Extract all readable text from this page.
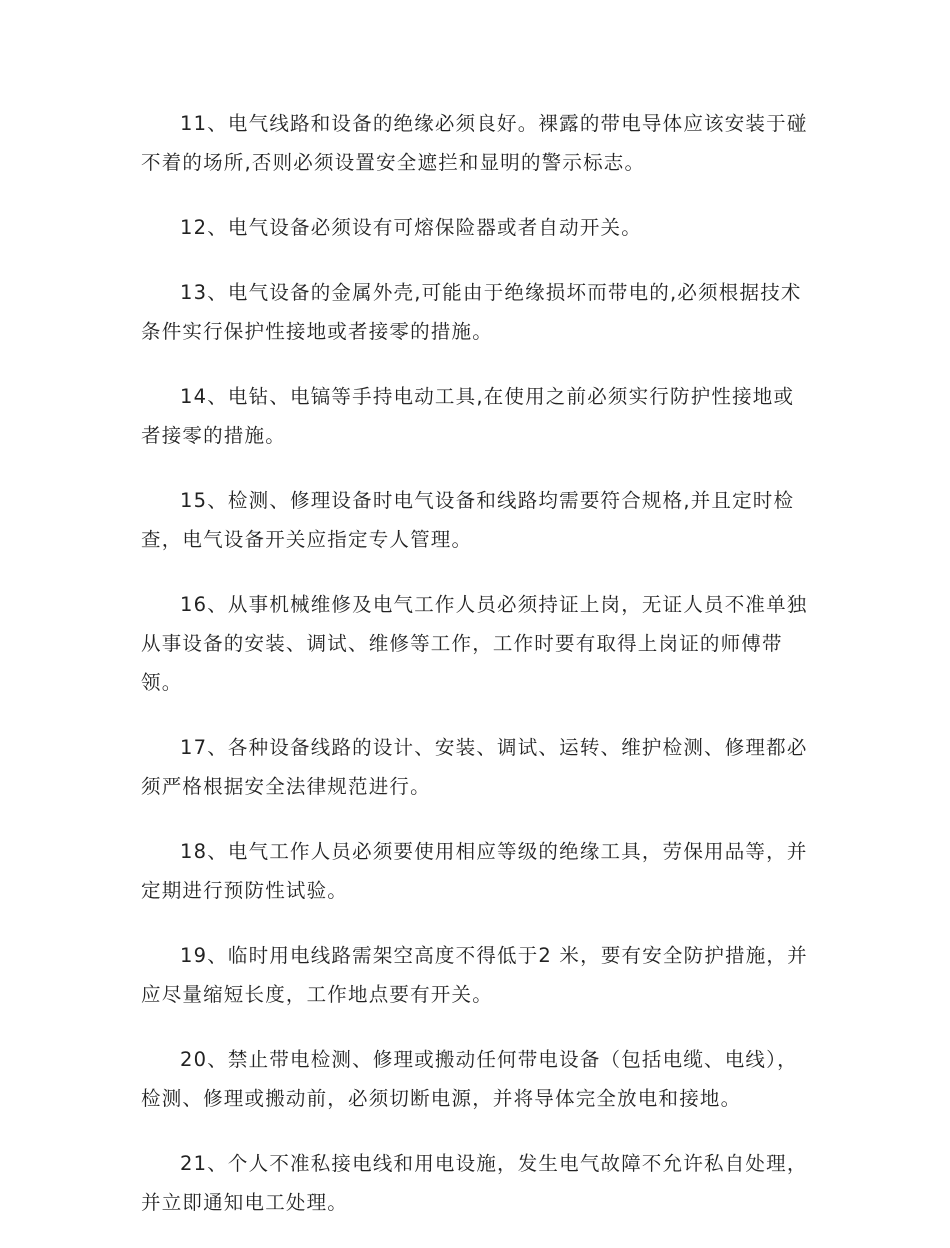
11、电气线路和设备的绝缘必须良好。裸露的带电导体应该安装于碰不着的场所,否则必须设置安全遮拦和显明的警示标志。

12、电气设备必须设有可熔保险器或者自动开关。

13、电气设备的金属外壳,可能由于绝缘损坏而带电的,必须根据技术条件实行保护性接地或者接零的措施。

14、电钻、电镐等手持电动工具,在使用之前必须实行防护性接地或者接零的措施。

15、检测、修理设备时电气设备和线路均需要符合规格,并且定时检查，电气设备开关应指定专人管理。

16、从事机械维修及电气工作人员必须持证上岗，无证人员不准单独从事设备的安装、调试、维修等工作，工作时要有取得上岗证的师傅带领。

17、各种设备线路的设计、安装、调试、运转、维护检测、修理都必须严格根据安全法律规范进行。

18、电气工作人员必须要使用相应等级的绝缘工具，劳保用品等，并定期进行预防性试验。

19、临时用电线路需架空高度不得低于2 米，要有安全防护措施，并应尽量缩短长度，工作地点要有开关。

20、禁止带电检测、修理或搬动任何带电设备（包括电缆、电线），检测、修理或搬动前，必须切断电源，并将导体完全放电和接地。

21、个人不准私接电线和用电设施，发生电气故障不允许私自处理，并立即通知电工处理。
